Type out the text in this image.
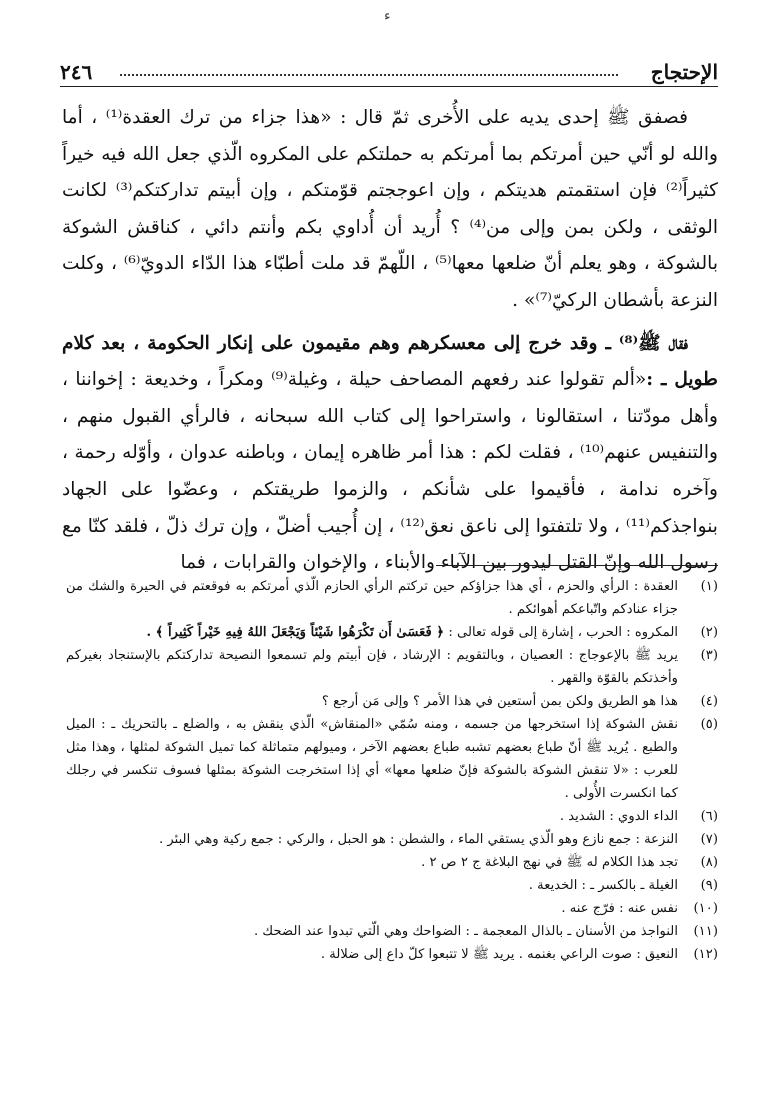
ء
٢٤٦	الإحتجاج

فصفق ﷺ إحدى يديه على الأُخرى ثمّ قال : «هذا جزاء من ترك العقدة⁽¹⁾ ، أما والله لو أنّي حين أمرتكم بما أمرتكم به حملتكم على المكروه الّذي جعل الله فيه خيراً كثيراً⁽²⁾ فإن استقمتم هديتكم ، وإن اعوججتم قوّمتكم ، وإن أبيتم تداركتكم⁽³⁾ لكانت الوثقى ، ولكن بمن وإلى من⁽⁴⁾ ؟ أُريد أن أُداوي بكم وأنتم دائي ، كناقش الشوكة بالشوكة ، وهو يعلم أنّ ضلعها معها⁽⁵⁾ ، اللّهمّ قد ملت أطبّاء هذا الدّاء الدويّ⁽⁶⁾ ، وكلت النزعة بأشطان الركيّ⁽⁷⁾» .

فقال ﷺ⁽⁸⁾ ـ وقد خرج إلى معسكرهم وهم مقيمون على إنكار الحكومة ، بعد كلام طويل ـ :«ألم تقولوا عند رفعهم المصاحف حيلة ، وغيلة⁽⁹⁾ ومكراً ، وخديعة : إخواننا ، وأهل مودّتنا ، استقالونا ، واستراحوا إلى كتاب الله سبحانه ، فالرأي القبول منهم ، والتنفيس عنهم⁽¹⁰⁾ ، فقلت لكم : هذا أمر ظاهره إيمان ، وباطنه عدوان ، وأوّله رحمة ، وآخره ندامة ، فأقيموا على شأنكم ، والزموا طريقتكم ، وعضّوا على الجهاد بنواجذكم⁽¹¹⁾ ، ولا تلتفتوا إلى ناعق نعق⁽¹²⁾ ، إن أُجيب أضلّ ، وإن ترك ذلّ ، فلقد كنّا مع رسول الله وإنّ القتل ليدور بين الآباء والأبناء ، والإخوان والقرابات ، فما

(١)
العقدة : الرأي والحزم ، أي هذا جزاؤكم حين تركتم الرأي الحازم الّذي أمرتكم به فوقعتم في الحيرة والشك من جزاء عنادكم واتّباعكم أهوائكم .

(٢)
المكروه : الحرب ، إشارة إلى قوله تعالى : ﴿ فَعَسَىٰ أَن تَكْرَهُوا شَيْئاً وَيَجْعَلَ اللهُ فِيهِ خَيْراً كَثِيراً ﴾ .

(٣)
يريد ﷺ بالإعوجاج : العصيان ، وبالتقويم : الإرشاد ، فإن أبيتم ولم تسمعوا النصيحة تداركتكم بالإستنجاد بغيركم وأخذتكم بالقوّة والقهر .

(٤)
هذا هو الطريق ولكن بمن أستعين في هذا الأمر ؟ وإلى مَن أرجع ؟

(٥)
نقش الشوكة إذا استخرجها من جسمه ، ومنه سُمّي «المنقاش» الّذي ينقش به ، والضلع ـ بالتحريك ـ : الميل والطبع . يُريد ﷺ أنّ طباع بعضهم تشبه طباع بعضهم الآخر ، وميولهم متماثلة كما تميل الشوكة لمثلها ، وهذا مثل للعرب : «لا تنقش الشوكة بالشوكة فإنّ ضلعها معها» أي إذا استخرجت الشوكة بمثلها فسوف تنكسر في رجلك كما انكسرت الأُولى .

(٦)
الداء الدوي : الشديد .

(٧)
النزعة : جمع نازع وهو الّذي يستقي الماء ، والشطن : هو الحبل ، والركي : جمع ركية وهي البئر .

(٨)
تجد هذا الكلام له ﷺ في نهج البلاغة ج ٢ ص ٢ .

(٩)
الغيلة ـ بالكسر ـ : الخديعة .

(١٠)
نفس عنه : فرّج عنه .

(١١)
النواجذ من الأسنان ـ بالذال المعجمة ـ : الضواحك وهي الّتي تبدوا عند الضحك .

(١٢)
النعيق : صوت الراعي بغنمه . يريد ﷺ لا تتبعوا كلّ داع إلى ضلالة .
